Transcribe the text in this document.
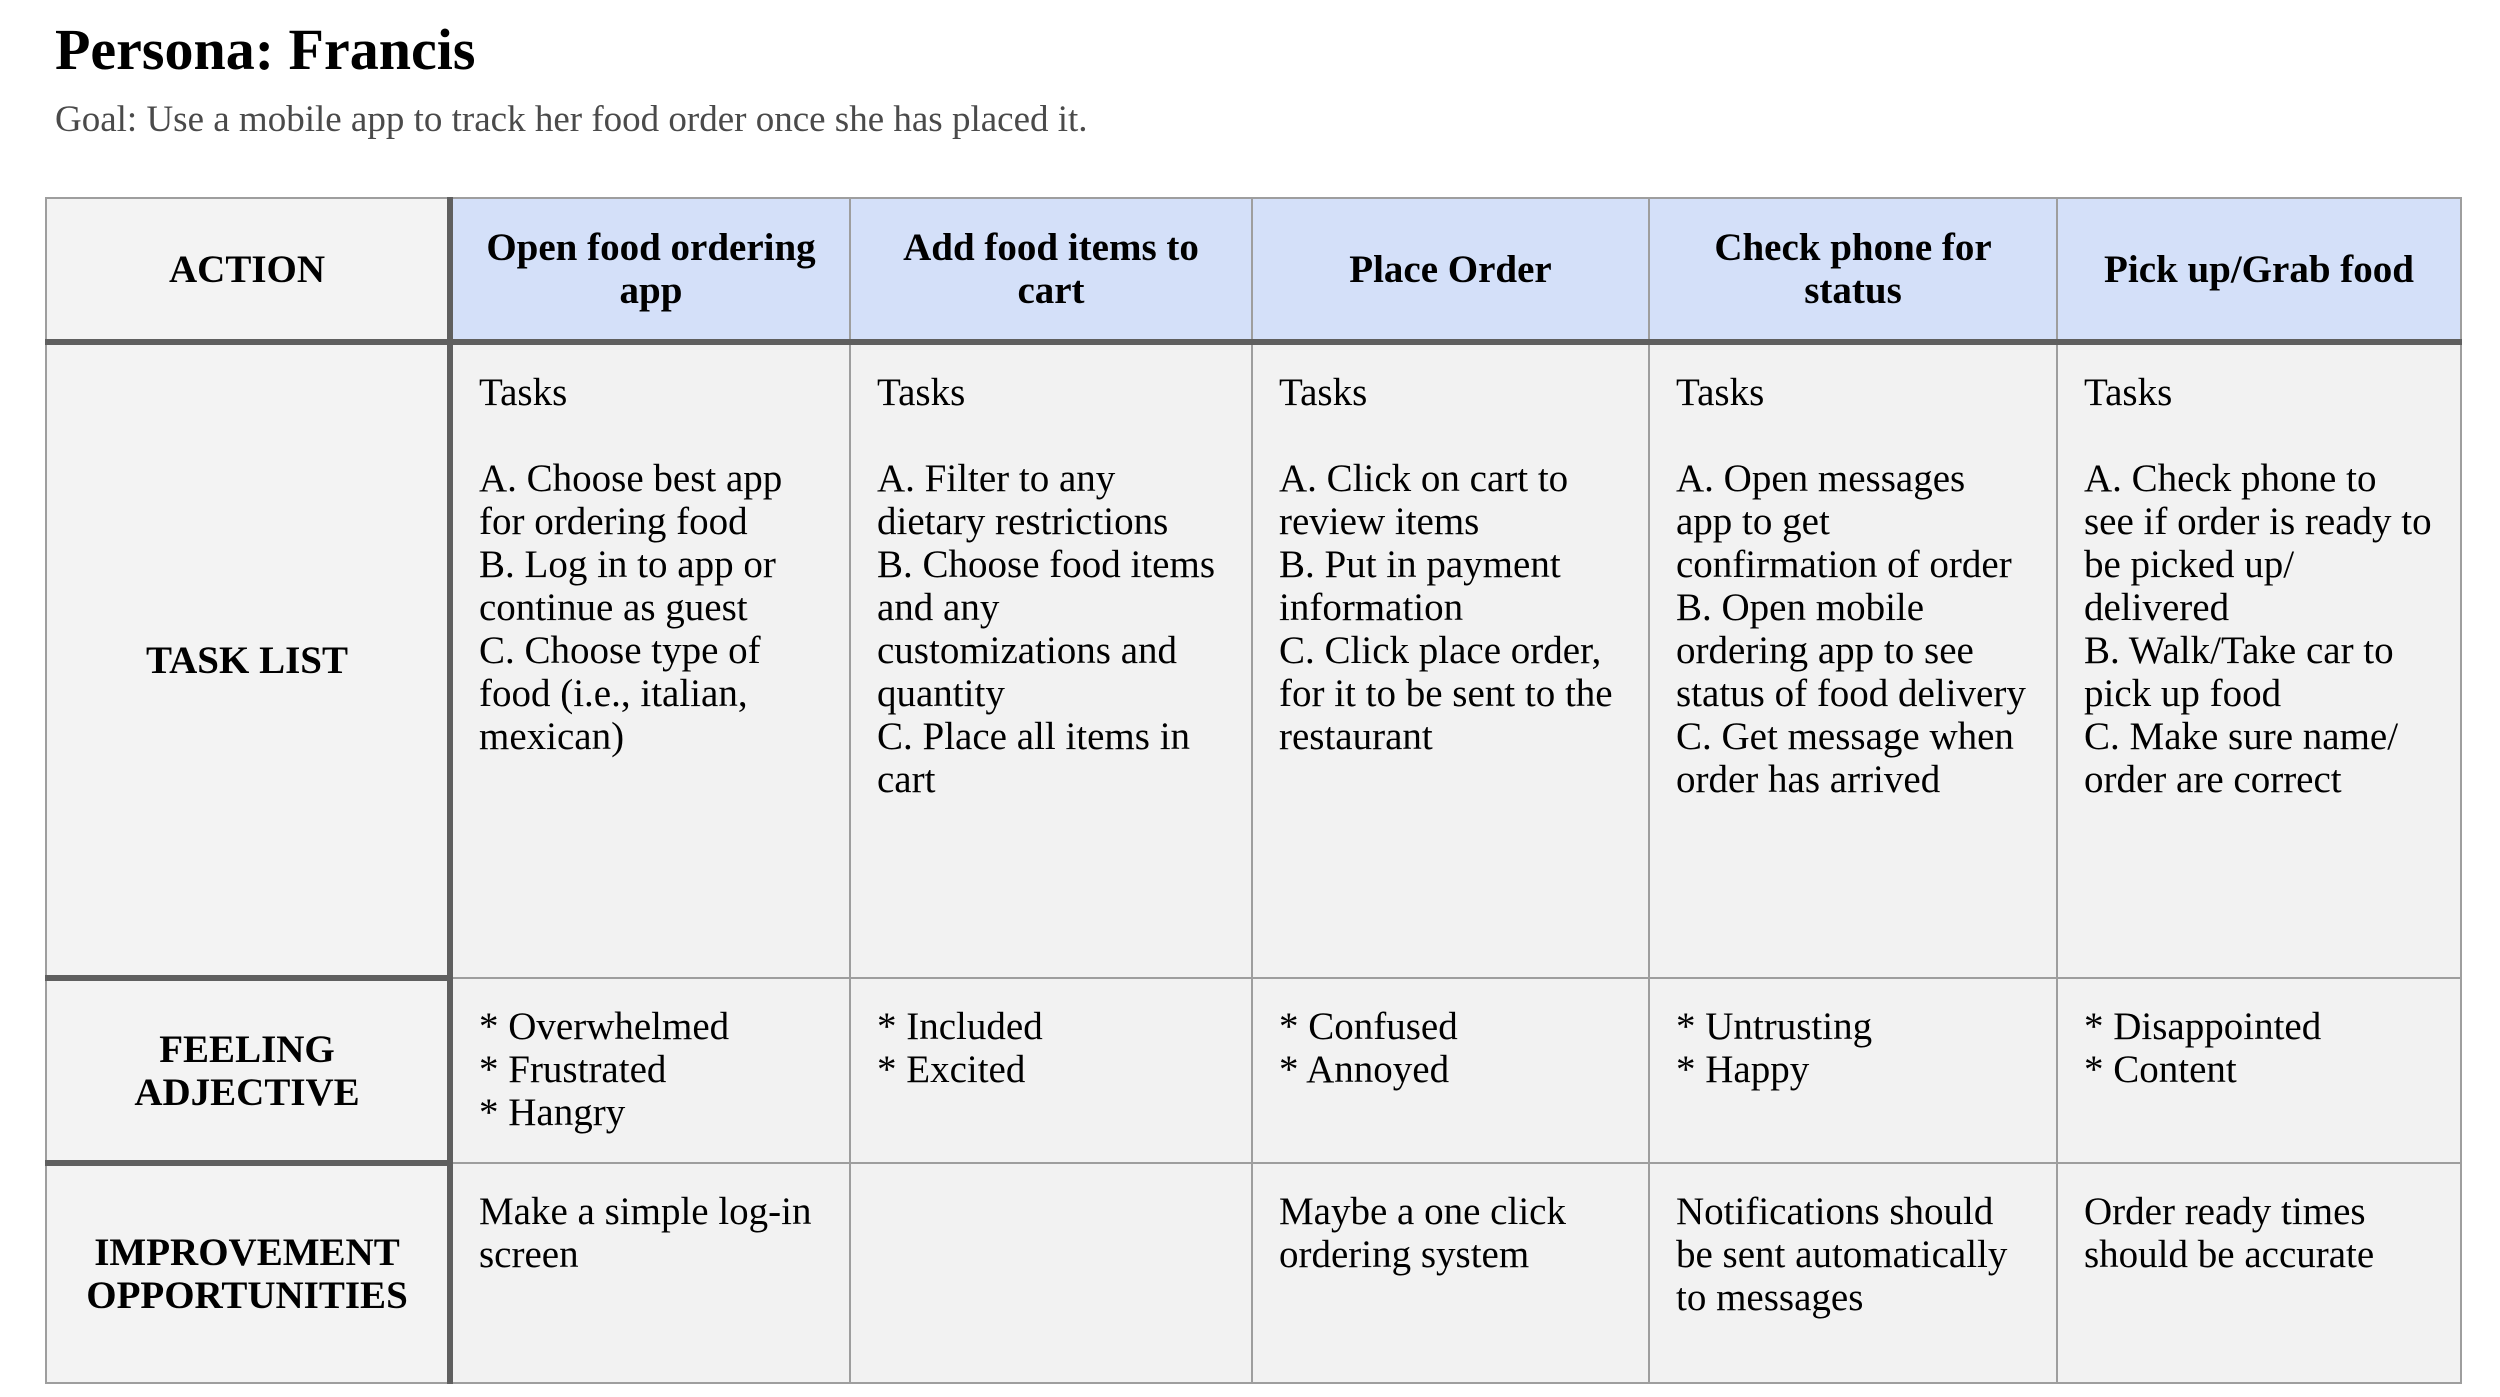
Persona: Francis
Goal: Use a mobile app to track her food order once she has placed it.
ACTION	Open food ordering app	Add food items to cart	Place Order	Check phone for status	Pick up/Grab food

TASK LIST	Tasks
A. Choose best app for ordering food
B. Log in to app or continue as guest
C. Choose type of food (i.e., italian, mexican)	Tasks
A. Filter to any dietary restrictions
B. Choose food items and any customizations and quantity
C. Place all items in cart	Tasks
A. Click on cart to review items
B. Put in payment information
C. Click place order, for it to be sent to the restaurant	Tasks
A. Open messages app to get confirmation of order
B. Open mobile ordering app to see status of food delivery
C. Get message when order has arrived	Tasks
A. Check phone to see if order is ready to be picked up/ delivered
B. Walk/Take car to pick up food
C. Make sure name/ order are correct

FEELING
ADJECTIVE	* Overwhelmed
* Frustrated
* Hangry	* Included
* Excited	* Confused
* Annoyed	* Untrusting
* Happy	* Disappointed
* Content

IMPROVEMENT
OPPORTUNITIES	Make a simple log-in screen		Maybe a one click ordering system	Notifications should be sent automatically to messages	Order ready times should be accurate
